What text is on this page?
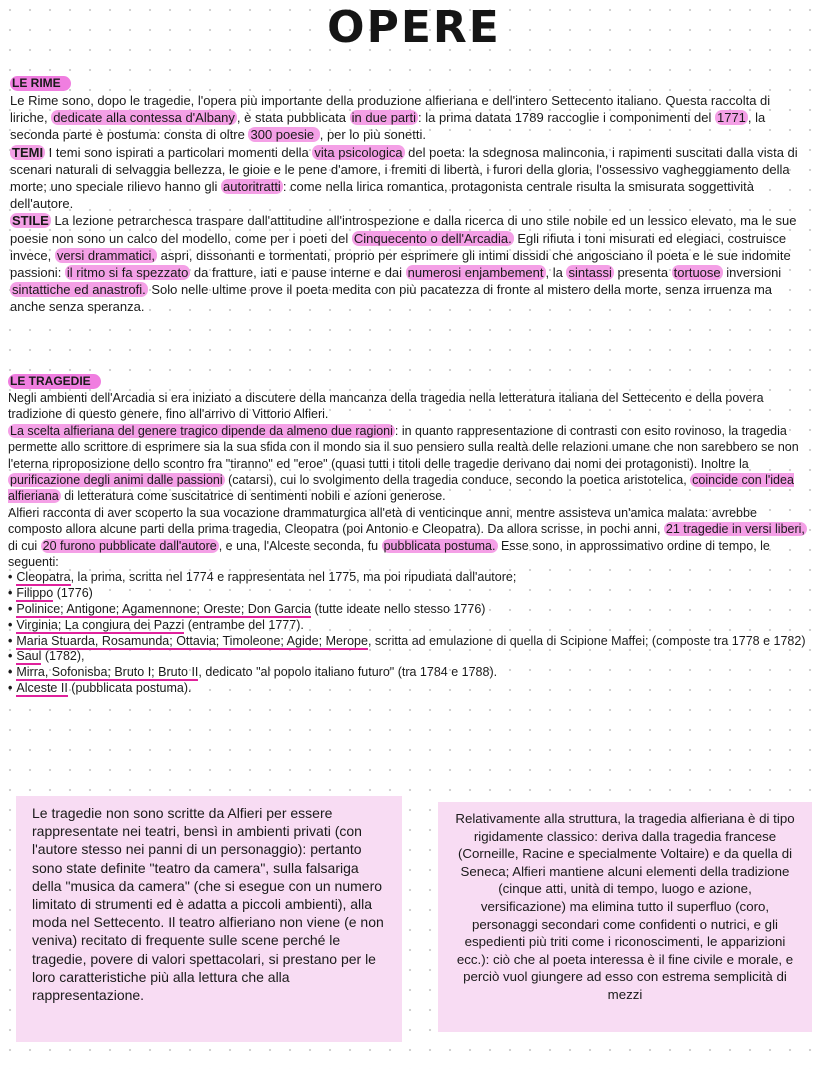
OPERE
LE RIME

Le Rime sono, dopo le tragedie, l'opera più importante della produzione alfieriana e dell'intero Settecento italiano. Questa raccolta di liriche, dedicate alla contessa d'Albany , è stata pubblicata in due parti : la prima datata 1789 raccoglie i componimenti del 1771 , la seconda parte è postuma: consta di oltre 300 poesie , per lo più sonetti.

TEMI I temi sono ispirati a particolari momenti della vita psicologica del poeta: la sdegnosa malinconia, i rapimenti suscitati dalla vista di scenari naturali di selvaggia bellezza, le gioie e le pene d'amore, i fremiti di libertà, i furori della gloria, l'ossessivo vagheggiamento della morte; uno speciale rilievo hanno gli autoritratti : come nella lirica romantica, protagonista centrale risulta la smisurata soggettività dell'autore.

STILE La lezione petrarchesca traspare dall'attitudine all'introspezione e dalla ricerca di uno stile nobile ed un lessico elevato, ma le sue poesie non sono un calco del modello, come per i poeti del Cinquecento o dell'Arcadia. Egli rifiuta i toni misurati ed elegiaci, costruisce invece, versi drammatici, aspri, dissonanti e tormentati, proprio per esprimere gli intimi dissidi che angosciano il poeta e le sue indomite passioni: il ritmo si fa spezzato da fratture, iati e pause interne e dai numerosi enjambement , la sintassi presenta tortuose inversioni sintattiche ed anastrofi. Solo nelle ultime prove il poeta medita con più pacatezza di fronte al mistero della morte, senza irruenza ma anche senza speranza.

LE TRAGEDIE

Negli ambienti dell'Arcadia si era iniziato a discutere della mancanza della tragedia nella letteratura italiana del Settecento e della povera tradizione di questo genere, fino all'arrivo di Vittorio Alfieri.

La scelta alfieriana del genere tragico dipende da almeno due ragioni : in quanto rappresentazione di contrasti con esito rovinoso, la tragedia permette allo scrittore di esprimere sia la sua sfida con il mondo sia il suo pensiero sulla realtà delle relazioni umane che non sarebbero se non l'eterna riproposizione dello scontro fra "tiranno" ed "eroe" (quasi tutti i titoli delle tragedie derivano dai nomi dei protagonisti). Inoltre la purificazione degli animi dalle passioni (catarsi), cui lo svolgimento della tragedia conduce, secondo la poetica aristotelica, coincide con l'idea alfieriana di letteratura come suscitatrice di sentimenti nobili e azioni generose.

Alfieri racconta di aver scoperto la sua vocazione drammaturgica all'età di venticinque anni, mentre assisteva un'amica malata: avrebbe composto allora alcune parti della prima tragedia, Cleopatra (poi Antonio e Cleopatra). Da allora scrisse, in pochi anni, 21 tragedie in versi liberi, di cui 20 furono pubblicate dall'autore , e una, l'Alceste seconda, fu pubblicata postuma. Esse sono, in approssimativo ordine di tempo, le seguenti:

• Cleopatra, la prima, scritta nel 1774 e rappresentata nel 1775, ma poi ripudiata dall'autore;
• Filippo (1776)
• Polinice; Antigone; Agamennone; Oreste; Don Garcia (tutte ideate nello stesso 1776)
• Virginia; La congiura dei Pazzi (entrambe del 1777).
• Maria Stuarda, Rosamunda; Ottavia; Timoleone; Agide; Merope, scritta ad emulazione di quella di Scipione Maffei; (composte tra 1778 e 1782)
• Saul (1782),
• Mirra, Sofonisba; Bruto I; Bruto II, dedicato "al popolo italiano futuro" (tra 1784 e 1788).
• Alceste II (pubblicata postuma).
Le tragedie non sono scritte da Alfieri per essere rappresentate nei teatri, bensì in ambienti privati (con l'autore stesso nei panni di un personaggio): pertanto sono state definite "teatro da camera", sulla falsariga della "musica da camera" (che si esegue con un numero limitato di strumenti ed è adatta a piccoli ambienti), alla moda nel Settecento. Il teatro alfieriano non viene (e non veniva) recitato di frequente sulle scene perché le tragedie, povere di valori spettacolari, si prestano per le loro caratteristiche più alla lettura che alla rappresentazione.
Relativamente alla struttura, la tragedia alfieriana è di tipo rigidamente classico: deriva dalla tragedia francese (Corneille, Racine e specialmente Voltaire) e da quella di Seneca; Alfieri mantiene alcuni elementi della tradizione (cinque atti, unità di tempo, luogo e azione, versificazione) ma elimina tutto il superfluo (coro, personaggi secondari come confidenti o nutrici, e gli espedienti più triti come i riconoscimenti, le apparizioni ecc.): ciò che al poeta interessa è il fine civile e morale, e perciò vuol giungere ad esso con estrema semplicità di mezzi
